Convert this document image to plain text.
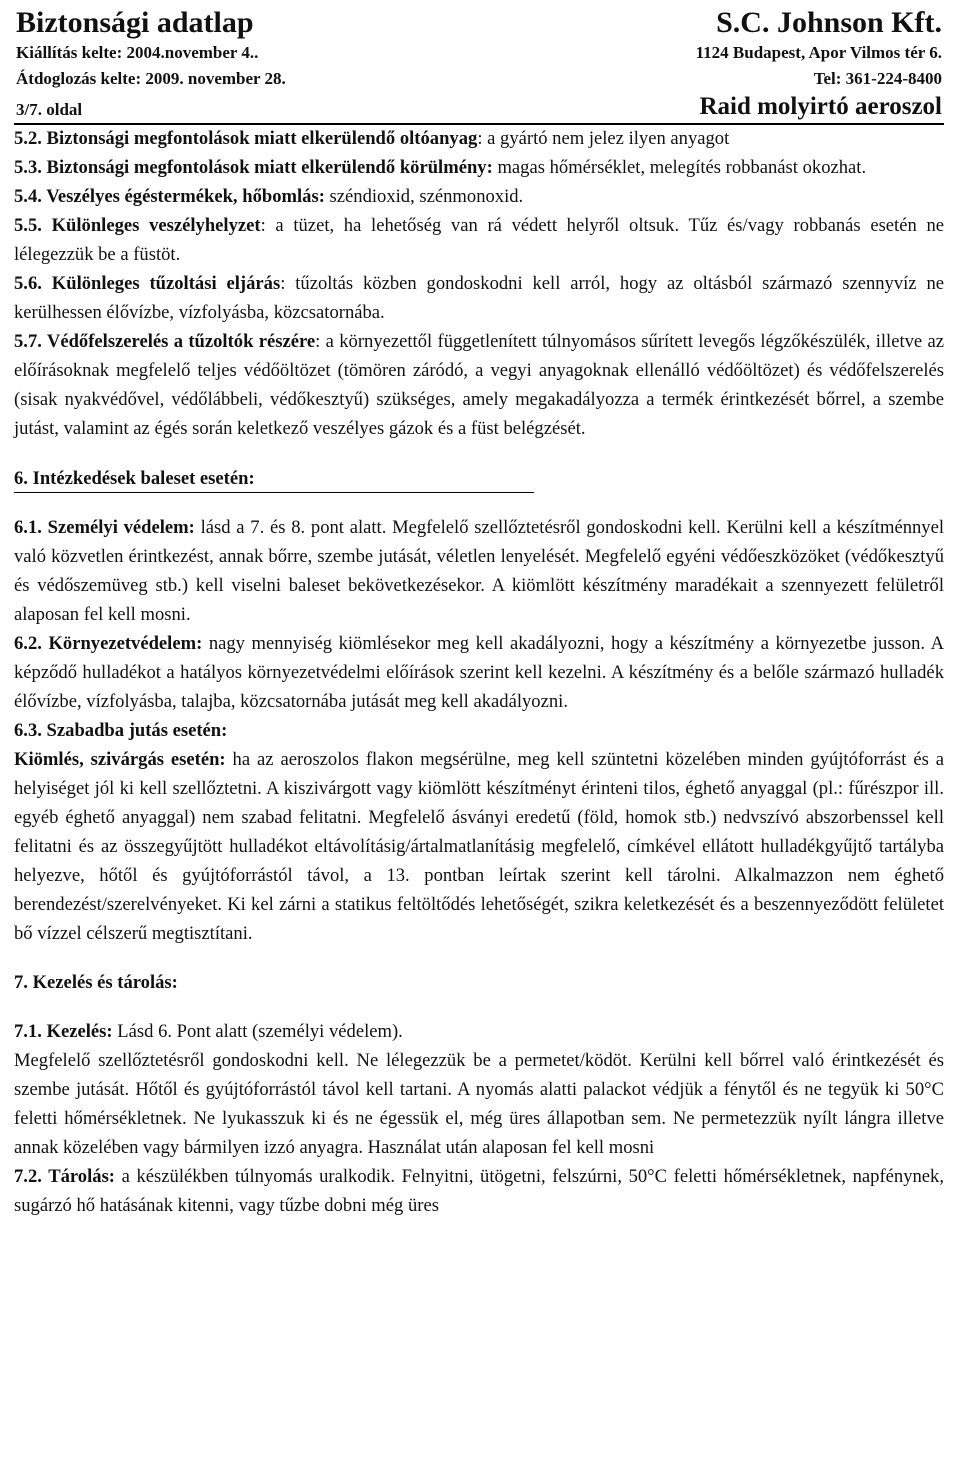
Biztonsági adatlap	S.C. Johnson Kft.
Kiállítás kelte: 2004.november 4..	1124 Budapest, Apor Vilmos tér 6.
Átdoglozás kelte: 2009. november 28.	Tel: 361-224-8400
3/7. oldal	Raid molyirtó aeroszol

5.2. Biztonsági megfontolások miatt elkerülendő oltóanyag: a gyártó nem jelez ilyen anyagot

5.3. Biztonsági megfontolások miatt elkerülendő körülmény: magas hőmérséklet, melegítés robbanást okozhat.

5.4. Veszélyes égéstermékek, hőbomlás: széndioxid, szénmonoxid.

5.5. Különleges veszélyhelyzet: a tüzet, ha lehetőség van rá védett helyről oltsuk. Tűz és/vagy robbanás esetén ne lélegezzük be a füstöt.

5.6. Különleges tűzoltási eljárás: tűzoltás közben gondoskodni kell arról, hogy az oltásból származó szennyvíz ne kerülhessen élővízbe, vízfolyásba, közcsatornába.

5.7. Védőfelszerelés a tűzoltók részére: a környezettől függetlenített túlnyomásos sűrített levegős légzőkészülék, illetve az előírásoknak megfelelő teljes védőöltözet (tömören záródó, a vegyi anyagoknak ellenálló védőöltözet) és védőfelszerelés (sisak nyakvédővel, védőlábbeli, védőkesztyű) szükséges, amely megakadályozza a termék érintkezését bőrrel, a szembe jutást, valamint az égés során keletkező veszélyes gázok és a füst belégzését.

6. Intézkedések baleset esetén:

6.1. Személyi védelem: lásd a 7. és 8. pont alatt. Megfelelő szellőztetésről gondoskodni kell. Kerülni kell a készítménnyel való közvetlen érintkezést, annak bőrre, szembe jutását, véletlen lenyelését. Megfelelő egyéni védőeszközöket (védőkesztyű és védőszemüveg stb.) kell viselni baleset bekövetkezésekor. A kiömlött készítmény maradékait a szennyezett felületről alaposan fel kell mosni.

6.2. Környezetvédelem: nagy mennyiség kiömlésekor meg kell akadályozni, hogy a készítmény a környezetbe jusson. A képződő hulladékot a hatályos környezetvédelmi előírások szerint kell kezelni. A készítmény és a belőle származó hulladék élővízbe, vízfolyásba, talajba, közcsatornába jutását meg kell akadályozni.

6.3. Szabadba jutás esetén:

Kiömlés, szivárgás esetén: ha az aeroszolos flakon megsérülne, meg kell szüntetni közelében minden gyújtóforrást és a helyiséget jól ki kell szellőztetni. A kiszivárgott vagy kiömlött készítményt érinteni tilos, éghető anyaggal (pl.: fűrészpor ill. egyéb éghető anyaggal) nem szabad felitatni. Megfelelő ásványi eredetű (föld, homok stb.) nedvszívó abszorbenssel kell felitatni és az összegyűjtött hulladékot eltávolításig/ártalmatlanításig megfelelő, címkével ellátott hulladékgyűjtő tartályba helyezve, hőtől és gyújtóforrástól távol, a 13. pontban leírtak szerint kell tárolni. Alkalmazzon nem éghető berendezést/szerelvényeket. Ki kel zárni a statikus feltöltődés lehetőségét, szikra keletkezését és a beszennyeződött felületet bő vízzel célszerű megtisztítani.

7. Kezelés és tárolás:

7.1. Kezelés: Lásd 6. Pont alatt (személyi védelem).

Megfelelő szellőztetésről gondoskodni kell. Ne lélegezzük be a permetet/ködöt. Kerülni kell bőrrel való érintkezését és szembe jutását. Hőtől és gyújtóforrástól távol kell tartani. A nyomás alatti palackot védjük a fénytől és ne tegyük ki 50°C feletti hőmérsékletnek. Ne lyukasszuk ki és ne égessük el, még üres állapotban sem. Ne permetezzük nyílt lángra illetve annak közelében vagy bármilyen izzó anyagra. Használat után alaposan fel kell mosni

7.2. Tárolás: a készülékben túlnyomás uralkodik. Felnyitni, ütögetni, felszúrni, 50°C feletti hőmérsékletnek, napfénynek, sugárzó hő hatásának kitenni, vagy tűzbe dobni még üres
